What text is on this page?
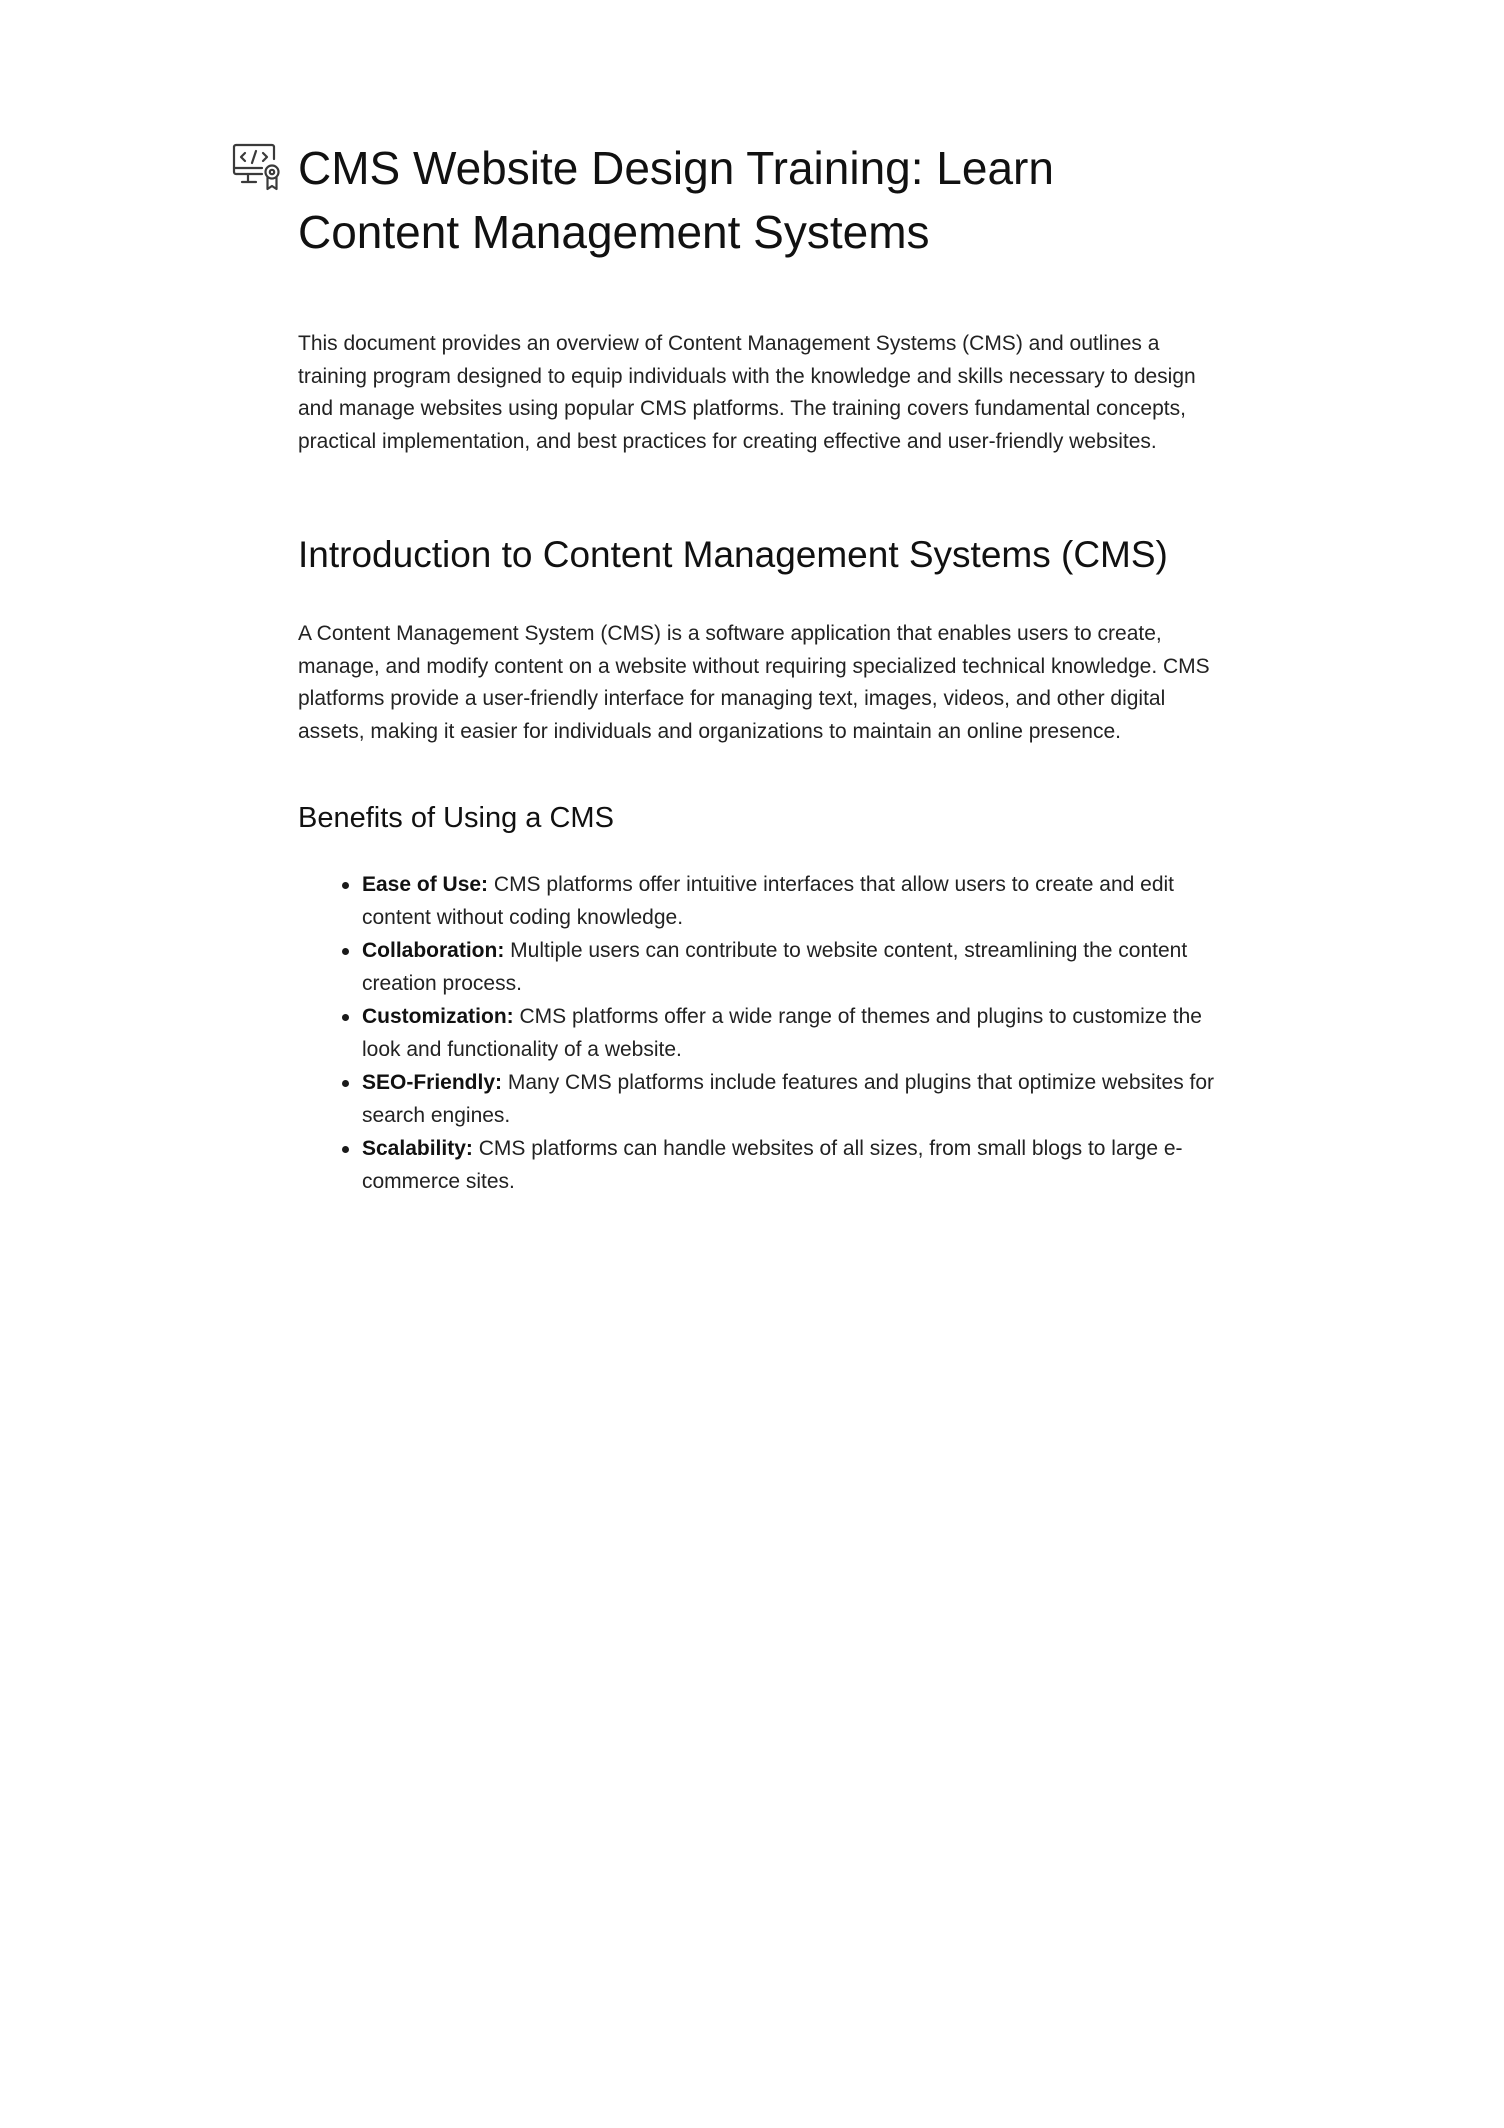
CMS Website Design Training: Learn Content Management Systems

This document provides an overview of Content Management Systems (CMS) and outlines a training program designed to equip individuals with the knowledge and skills necessary to design and manage websites using popular CMS platforms. The training covers fundamental concepts, practical implementation, and best practices for creating effective and user-friendly websites.

Introduction to Content Management Systems (CMS)

A Content Management System (CMS) is a software application that enables users to create, manage, and modify content on a website without requiring specialized technical knowledge. CMS platforms provide a user-friendly interface for managing text, images, videos, and other digital assets, making it easier for individuals and organizations to maintain an online presence.

Benefits of Using a CMS
Ease of Use: CMS platforms offer intuitive interfaces that allow users to create and edit content without coding knowledge.
Collaboration: Multiple users can contribute to website content, streamlining the content creation process.
Customization: CMS platforms offer a wide range of themes and plugins to customize the look and functionality of a website.
SEO-Friendly: Many CMS platforms include features and plugins that optimize websites for search engines.
Scalability: CMS platforms can handle websites of all sizes, from small blogs to large e-commerce sites.
